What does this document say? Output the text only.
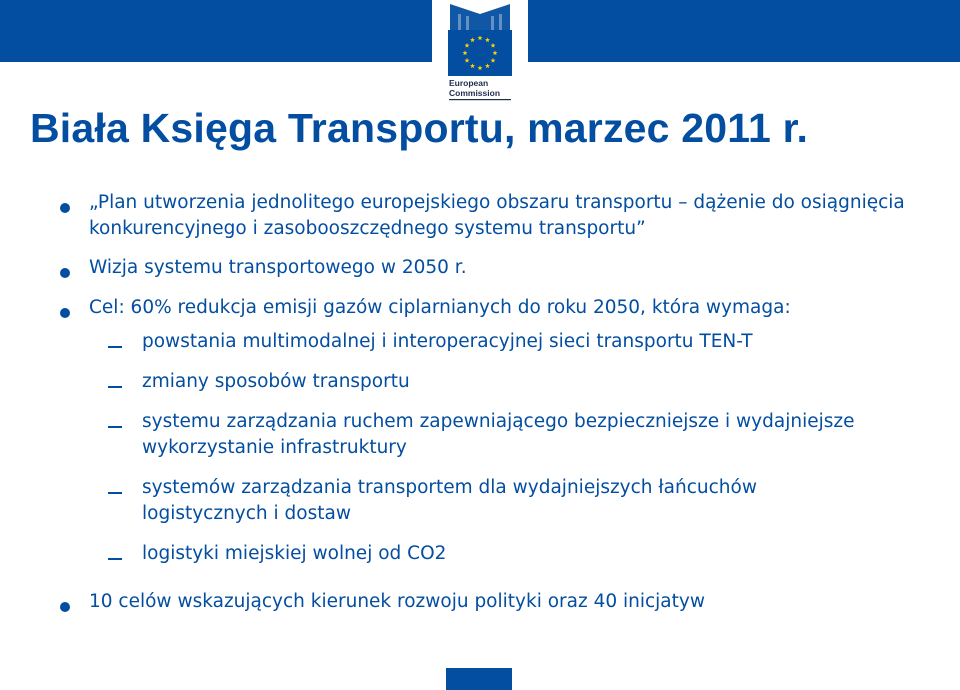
European
Commission
Biała Księga Transportu, marzec 2011 r.
„Plan utworzenia jednolitego europejskiego obszaru transportu – dążenie do osiągnięcia konkurencyjnego i zasobooszczędnego systemu transportu”
Wizja systemu transportowego w 2050 r.
Cel: 60% redukcja emisji gazów ciplarnianych do roku 2050, która wymaga:
powstania multimodalnej i interoperacyjnej sieci transportu TEN-T
zmiany sposobów transportu
systemu zarządzania ruchem zapewniającego bezpieczniejsze i wydajniejsze wykorzystanie infrastruktury
systemów zarządzania transportem dla wydajniejszych łańcuchów logistycznych i dostaw
logistyki miejskiej wolnej od CO2
10 celów wskazujących kierunek rozwoju polityki oraz 40 inicjatyw
